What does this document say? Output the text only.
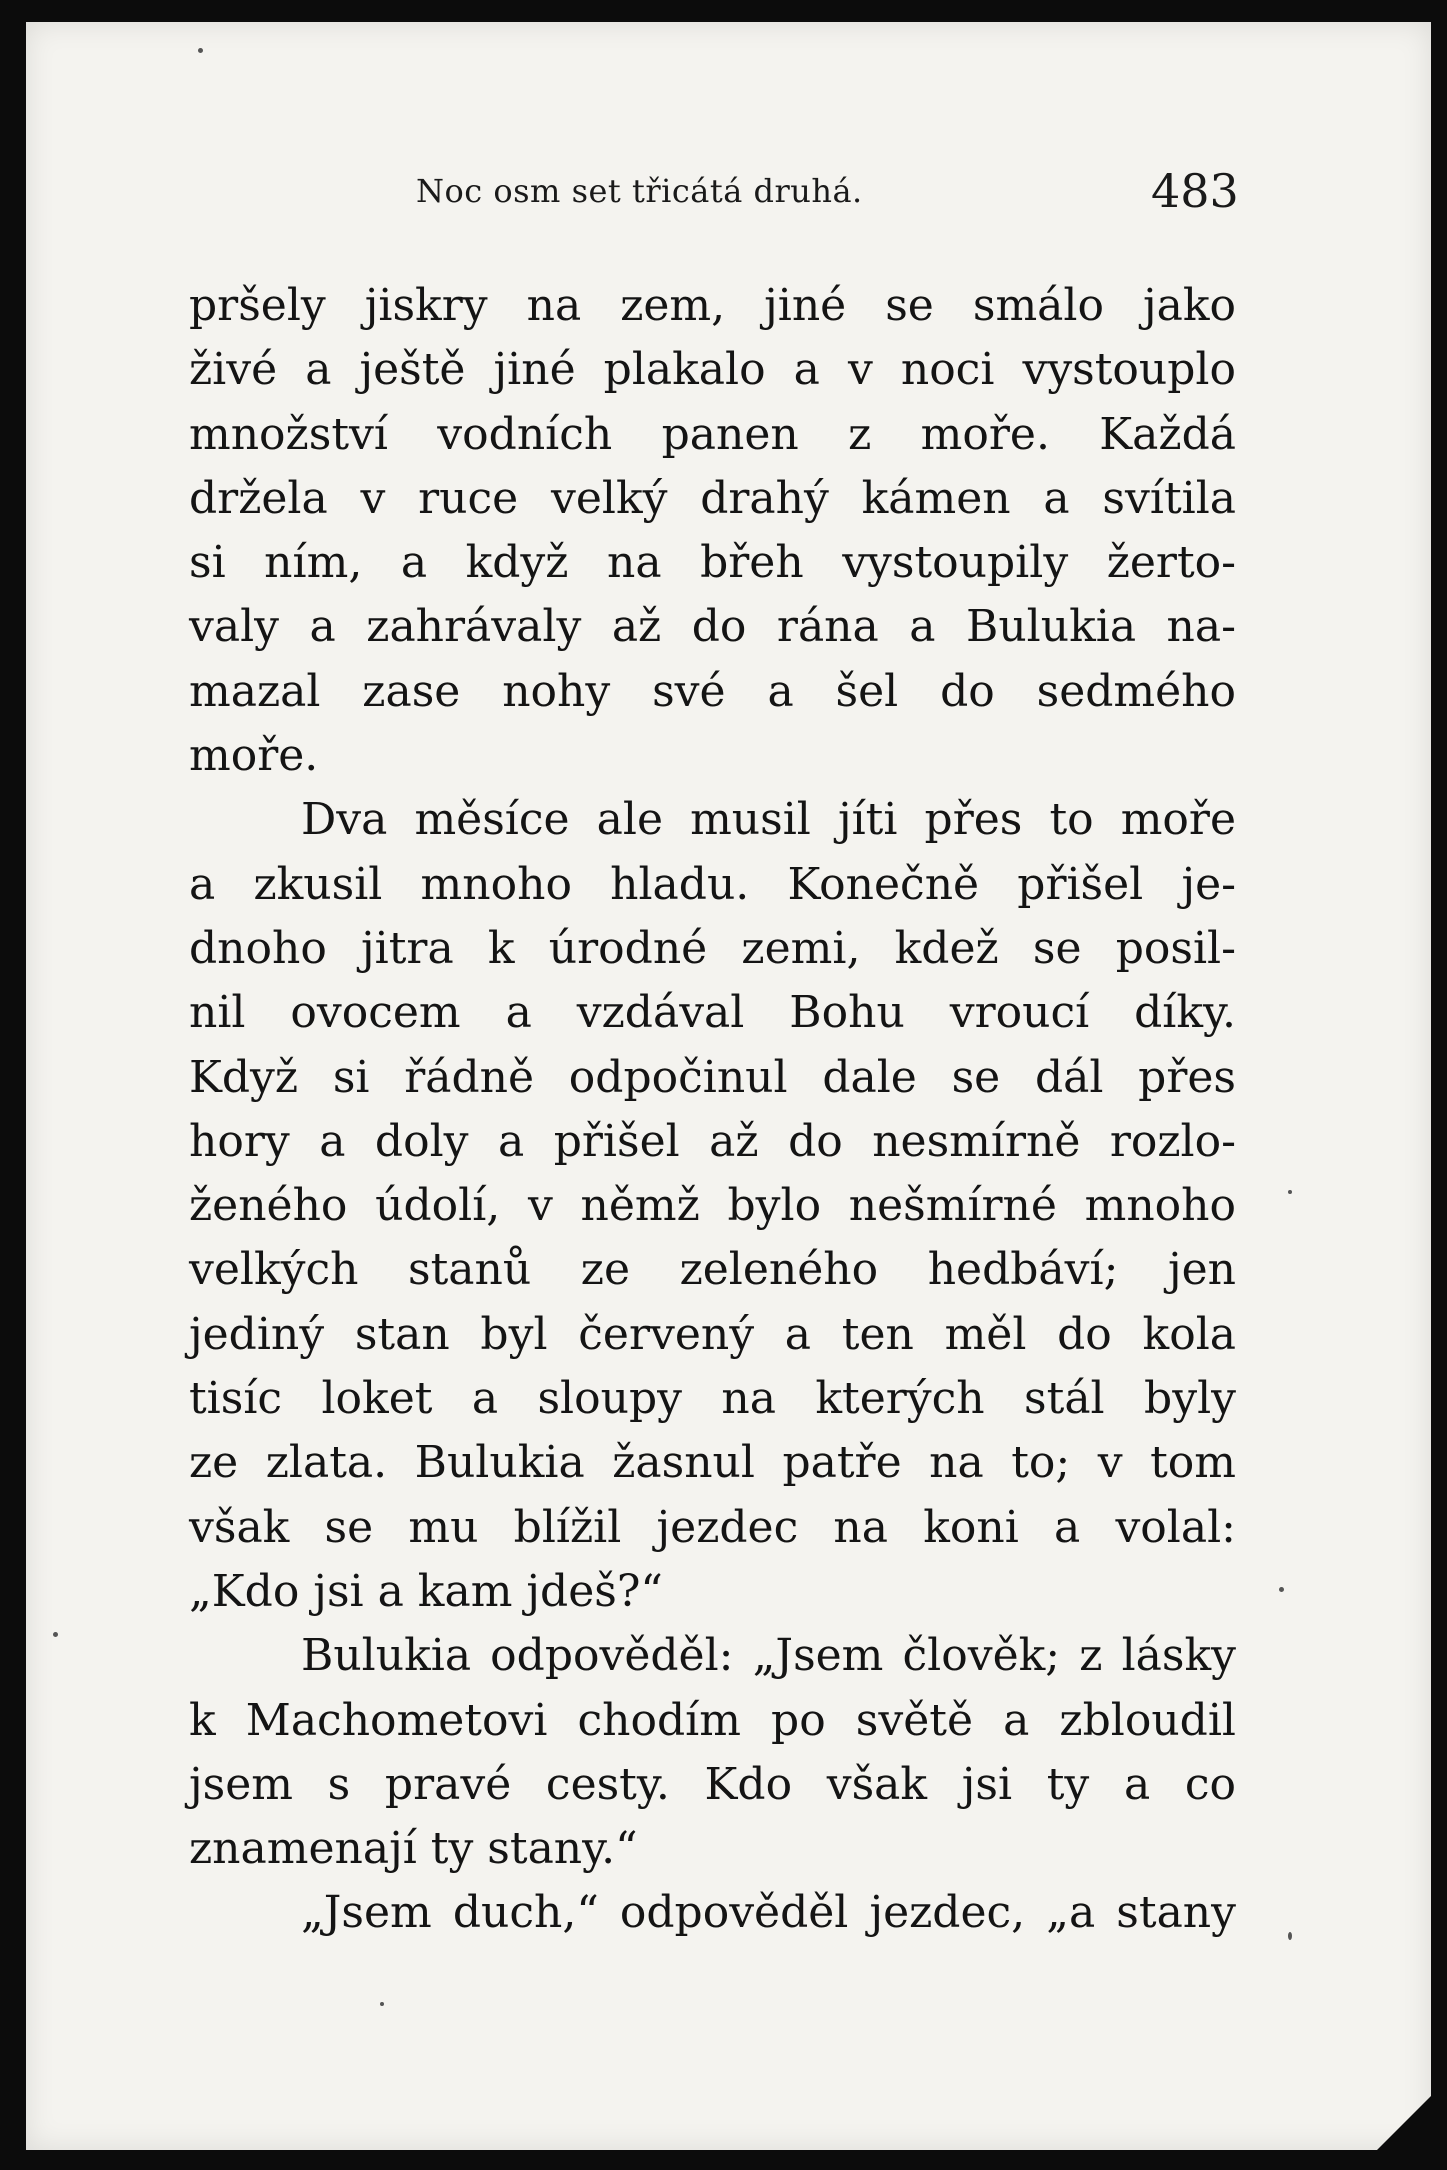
Noc osm set třicátá druhá.	483
pršely jiskry na zem, jiné se smálo jako
živé a ještě jiné plakalo a v noci vystouplo
množství vodních panen z moře. Každá
držela v ruce velký drahý kámen a svítila
si ním, a když na břeh vystoupily žerto-
valy a zahrávaly až do rána a Bulukia na-
mazal zase nohy své a šel do sedmého
moře.
Dva měsíce ale musil jíti přes to moře
a zkusil mnoho hladu. Konečně přišel je-
dnoho jitra k úrodné zemi, kdež se posil-
nil ovocem a vzdával Bohu vroucí díky.
Když si řádně odpočinul dale se dál přes
hory a doly a přišel až do nesmírně rozlo-
ženého údolí, v němž bylo nešmírné mnoho
velkých stanů ze zeleného hedbáví; jen
jediný stan byl červený a ten měl do kola
tisíc loket a sloupy na kterých stál byly
ze zlata. Bulukia žasnul patře na to; v tom
však se mu blížil jezdec na koni a volal:
„Kdo jsi a kam jdeš?“
Bulukia odpověděl: „Jsem člověk; z lásky
k Machometovi chodím po světě a zbloudil
jsem s pravé cesty. Kdo však jsi ty a co
znamenají ty stany.“
„Jsem duch,“ odpověděl jezdec, „a stany
